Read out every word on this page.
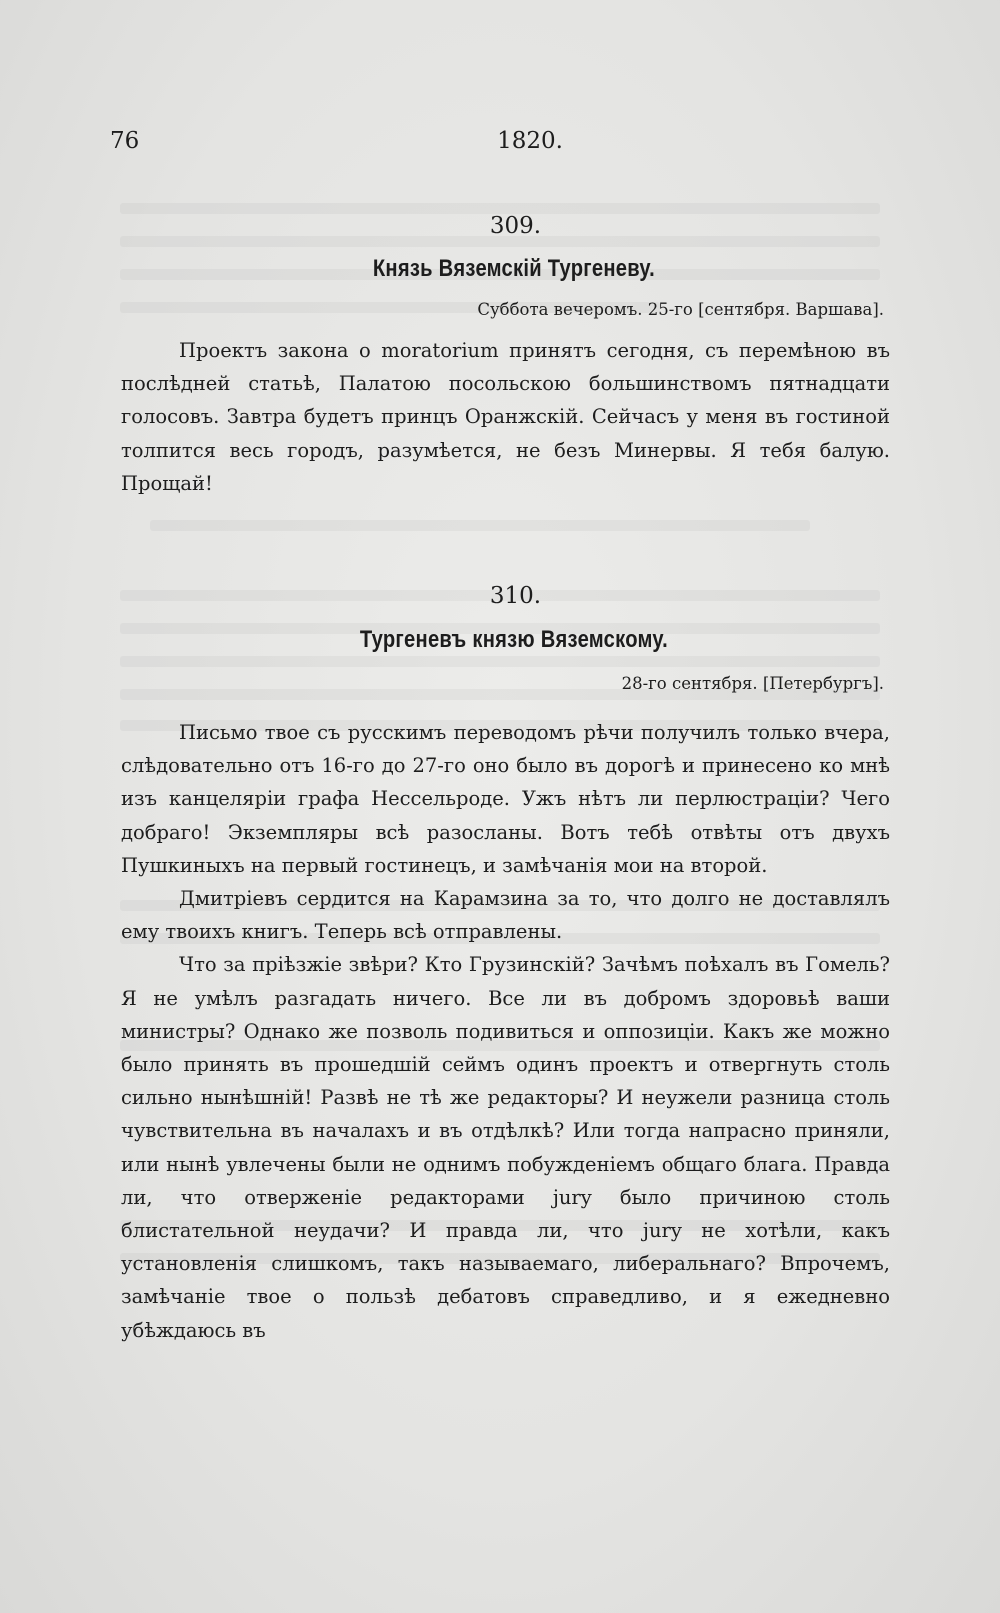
76	1820.
309.
Князь Вяземскій Тургеневу.
Суббота вечеромъ. 25-го [сентября. Варшава].

Проектъ закона о moratorium принятъ сегодня, съ перемѣною въ послѣдней статьѣ, Палатою посольскою большинствомъ пятнадцати голосовъ. Завтра будетъ принцъ Оранжскій. Сейчасъ у меня въ гостиной толпится весь городъ, разумѣется, не безъ Минервы. Я тебя балую. Прощай!

310.
Тургеневъ князю Вяземскому.
28-го сентября. [Петербургъ].

Письмо твое съ русскимъ переводомъ рѣчи получилъ только вчера, слѣдовательно отъ 16-го до 27-го оно было въ дорогѣ и принесено ко мнѣ изъ канцеляріи графа Нессельроде. Ужъ нѣтъ ли перлюстраціи? Чего добраго! Экземпляры всѣ разосланы. Вотъ тебѣ отвѣты отъ двухъ Пушкиныхъ на первый гостинецъ, и замѣчанія мои на второй.

Дмитріевъ сердится на Карамзина за то, что долго не доставлялъ ему твоихъ книгъ. Теперь всѣ отправлены.

Что за пріѣзжіе звѣри? Кто Грузинскій? Зачѣмъ поѣхалъ въ Гомель? Я не умѣлъ разгадать ничего. Все ли въ добромъ здоровьѣ ваши министры? Однако же позволь подивиться и оппозиціи. Какъ же можно было принять въ прошедшій сеймъ одинъ проектъ и отвергнуть столь сильно нынѣшній! Развѣ не тѣ же редакторы? И неужели разница столь чувствительна въ началахъ и въ отдѣлкѣ? Или тогда напрасно приняли, или нынѣ увлечены были не однимъ побужденіемъ общаго блага. Правда ли, что отверженіе редакторами jury было причиною столь блистательной неудачи? И правда ли, что jury не хотѣли, какъ установленія слишкомъ, такъ называемаго, либеральнаго? Впрочемъ, замѣчаніе твое о пользѣ дебатовъ справедливо, и я ежедневно убѣждаюсь въ
